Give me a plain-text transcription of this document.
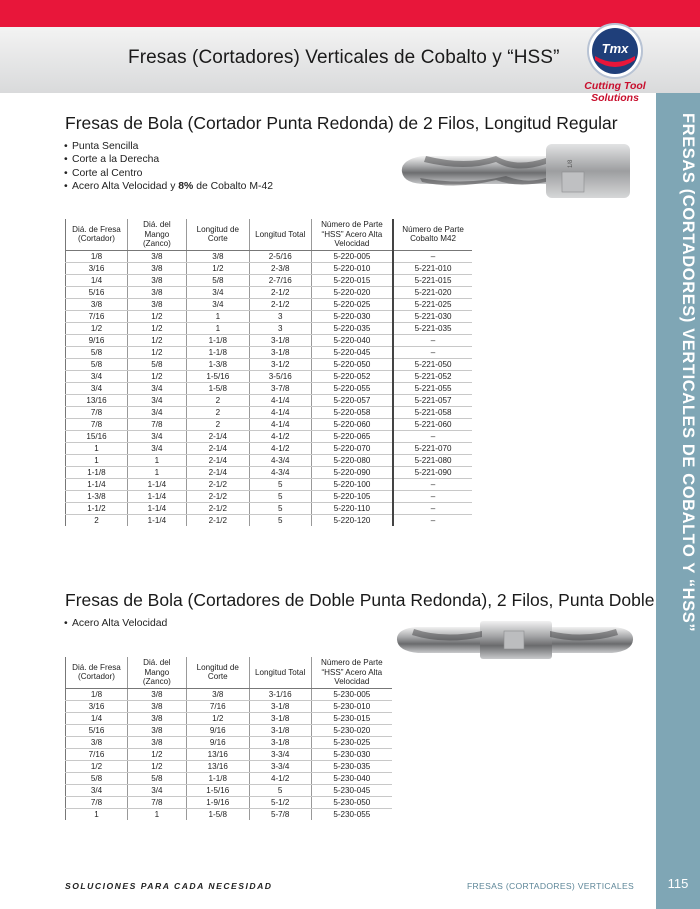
Fresas (Cortadores) Verticales de Cobalto y “HSS”	Tmx
Cutting Tool
Solutions
FRESAS (CORTADORES) VERTICALES DE COBALTO Y “HSS”
Fresas de Bola (Cortador Punta Redonda) de 2 Filos, Longitud Regular
• Punta Sencilla
• Corte a la Derecha
• Corte al Centro
• Acero Alta Velocidad y 8% de Cobalto M-42
1/8
Diá. de Fresa (Cortador)	Diá. del Mango (Zanco)	Longitud de Corte	Longitud Total	Número de Parte “HSS” Acero Alta Velocidad	Número de Parte Cobalto M42
1/8	3/8	3/8	2-5/16	5-220-005	–
3/16	3/8	1/2	2-3/8	5-220-010	5-221-010
1/4	3/8	5/8	2-7/16	5-220-015	5-221-015
5/16	3/8	3/4	2-1/2	5-220-020	5-221-020
3/8	3/8	3/4	2-1/2	5-220-025	5-221-025
7/16	1/2	1	3	5-220-030	5-221-030
1/2	1/2	1	3	5-220-035	5-221-035
9/16	1/2	1-1/8	3-1/8	5-220-040	–
5/8	1/2	1-1/8	3-1/8	5-220-045	–
5/8	5/8	1-3/8	3-1/2	5-220-050	5-221-050
3/4	1/2	1-5/16	3-5/16	5-220-052	5-221-052
3/4	3/4	1-5/8	3-7/8	5-220-055	5-221-055
13/16	3/4	2	4-1/4	5-220-057	5-221-057
7/8	3/4	2	4-1/4	5-220-058	5-221-058
7/8	7/8	2	4-1/4	5-220-060	5-221-060
15/16	3/4	2-1/4	4-1/2	5-220-065	–
1	3/4	2-1/4	4-1/2	5-220-070	5-221-070
1	1	2-1/4	4-3/4	5-220-080	5-221-080
1-1/8	1	2-1/4	4-3/4	5-220-090	5-221-090
1-1/4	1-1/4	2-1/2	5	5-220-100	–
1-3/8	1-1/4	2-1/2	5	5-220-105	–
1-1/2	1-1/4	2-1/2	5	5-220-110	–
2	1-1/4	2-1/2	5	5-220-120	–
Fresas de Bola (Cortadores de Doble Punta Redonda), 2 Filos, Punta Doble
• Acero Alta Velocidad
Diá. de Fresa (Cortador)	Diá. del Mango (Zanco)	Longitud de Corte	Longitud Total	Número de Parte “HSS” Acero Alta Velocidad
1/8	3/8	3/8	3-1/16	5-230-005
3/16	3/8	7/16	3-1/8	5-230-010
1/4	3/8	1/2	3-1/8	5-230-015
5/16	3/8	9/16	3-1/8	5-230-020
3/8	3/8	9/16	3-1/8	5-230-025
7/16	1/2	13/16	3-3/4	5-230-030
1/2	1/2	13/16	3-3/4	5-230-035
5/8	5/8	1-1/8	4-1/2	5-230-040
3/4	3/4	1-5/16	5	5-230-045
7/8	7/8	1-9/16	5-1/2	5-230-050
1	1	1-5/8	5-7/8	5-230-055
SOLUCIONES PARA CADA NECESIDAD	FRESAS (CORTADORES) VERTICALES	115
